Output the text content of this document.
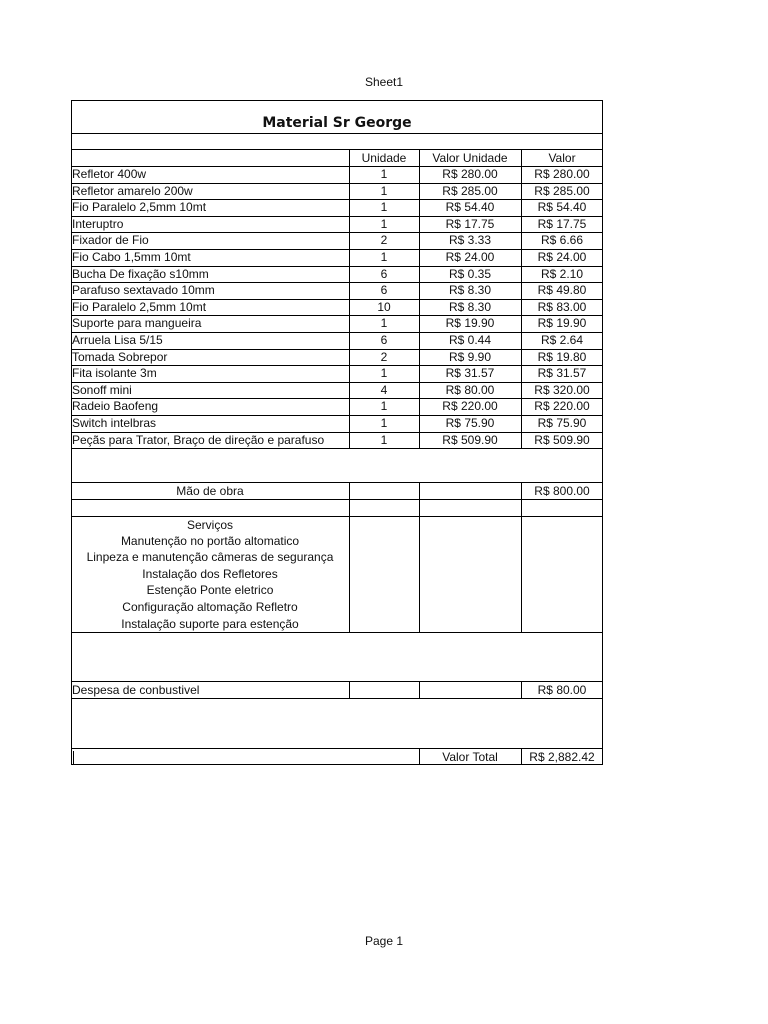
Sheet1
Material Sr George
Unidade	Valor Unidade	Valor
Refletor 400w	1	R$ 280.00	R$ 280.00
Refletor amarelo 200w	1	R$ 285.00	R$ 285.00
Fio Paralelo 2,5mm 10mt	1	R$ 54.40	R$ 54.40
Interuptro	1	R$ 17.75	R$ 17.75
Fixador de Fio	2	R$ 3.33	R$ 6.66
Fio Cabo 1,5mm 10mt	1	R$ 24.00	R$ 24.00
Bucha De fixação s10mm	6	R$ 0.35	R$ 2.10
Parafuso sextavado 10mm	6	R$ 8.30	R$ 49.80
Fio Paralelo 2,5mm 10mt	10	R$ 8.30	R$ 83.00
Suporte para mangueira	1	R$ 19.90	R$ 19.90
Arruela Lisa 5/15	6	R$ 0.44	R$ 2.64
Tomada Sobrepor	2	R$ 9.90	R$ 19.80
Fita isolante 3m	1	R$ 31.57	R$ 31.57
Sonoff mini	4	R$ 80.00	R$ 320.00
Radeio Baofeng	1	R$ 220.00	R$ 220.00
Switch intelbras	1	R$ 75.90	R$ 75.90
Peçãs para Trator, Braço de direção e parafuso	1	R$ 509.90	R$ 509.90
Mão de obra	R$ 800.00
Serviços
Manutenção no portão altomatico
Linpeza e manutenção câmeras de segurança
Instalação dos Refletores
Estenção Ponte eletrico
Configuração altomação Refletro
Instalação suporte para estenção
Despesa de conbustivel	R$ 80.00
Valor Total	R$ 2,882.42
Page 1
